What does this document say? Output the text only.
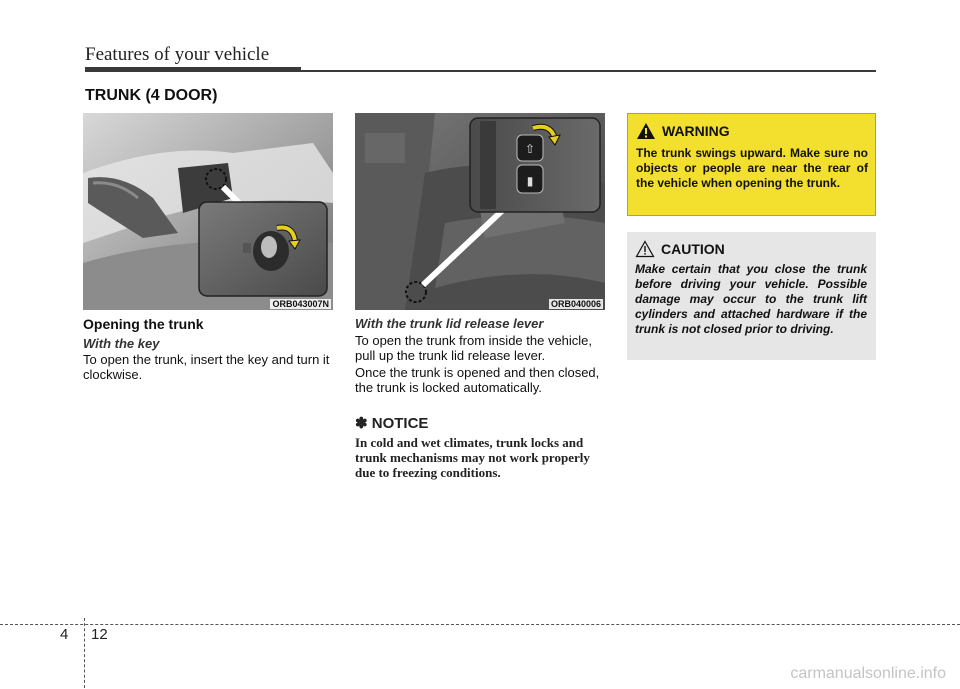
Features of your vehicle
TRUNK (4 DOOR)
ORB043007N
⇧
▮
ORB040006
Opening the trunk
With the key
To open the trunk, insert the key and turn it clockwise.
With the trunk lid release lever
To open the trunk from inside the vehicle, pull up the trunk lid release lever.
Once the trunk is opened and then closed, the trunk is locked automatically.
✽ NOTICE
In cold and wet climates, trunk locks and trunk mechanisms may not work properly due to freezing conditions.
WARNING
The trunk swings upward. Make sure no objects or people are near the rear of the vehicle when opening the trunk.
CAUTION
Make certain that you close the trunk before driving your vehicle. Possible damage may occur to the trunk lift cylinders and attached hardware if the trunk is not closed prior to driving.
4 12
carmanualsonline.info
